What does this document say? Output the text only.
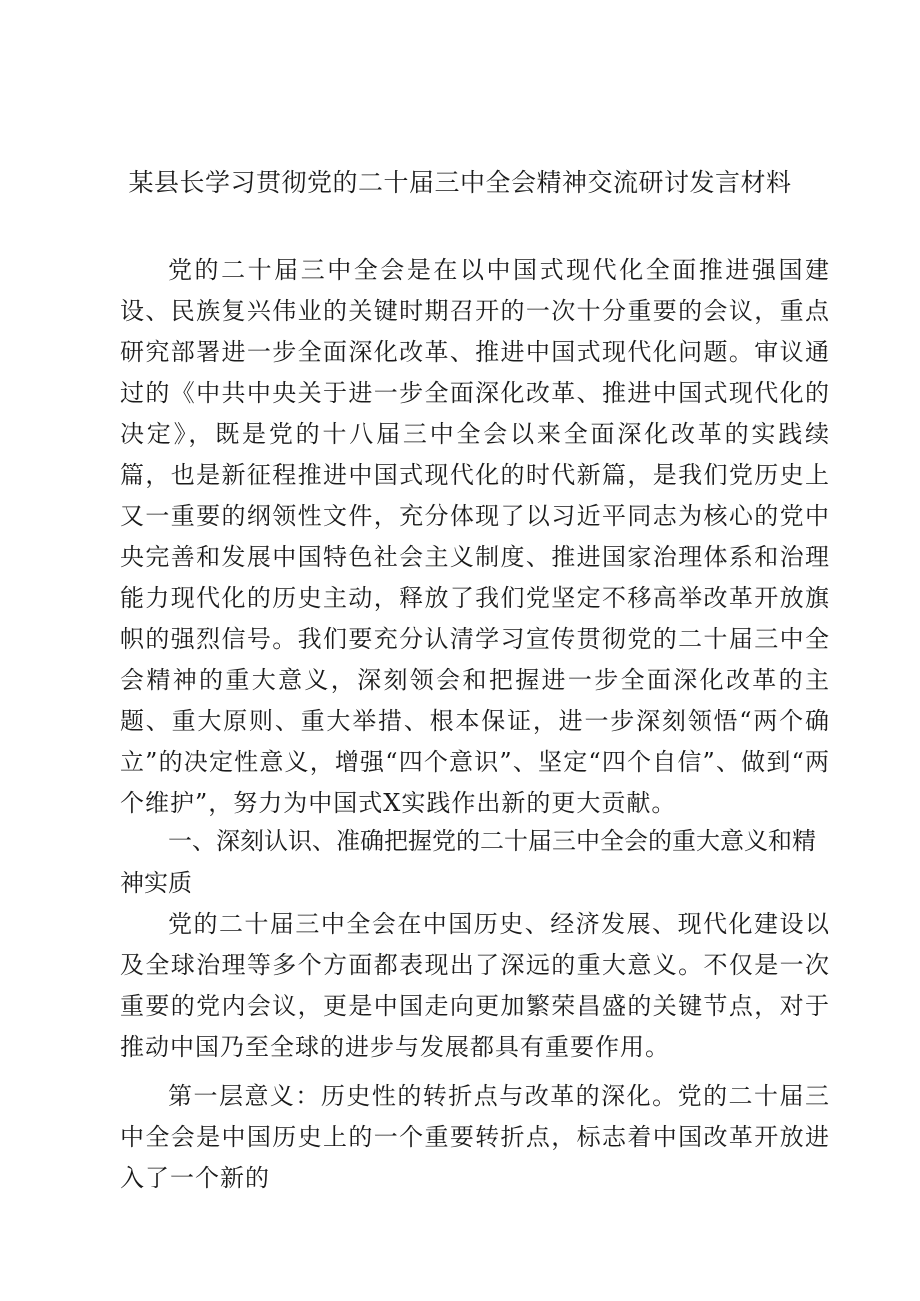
某县长学习贯彻党的二十届三中全会精神交流研讨发言材料

党的二十届三中全会是在以中国式现代化全面推进强国建设、民族复兴伟业的关键时期召开的一次十分重要的会议，重点研究部署进一步全面深化改革、推进中国式现代化问题。审议通过的《中共中央关于进一步全面深化改革、推进中国式现代化的决定》，既是党的十八届三中全会以来全面深化改革的实践续篇，也是新征程推进中国式现代化的时代新篇，是我们党历史上又一重要的纲领性文件，充分体现了以习近平同志为核心的党中央完善和发展中国特色社会主义制度、推进国家治理体系和治理能力现代化的历史主动，释放了我们党坚定不移高举改革开放旗帜的强烈信号。我们要充分认清学习宣传贯彻党的二十届三中全会精神的重大意义，深刻领会和把握进一步全面深化改革的主题、重大原则、重大举措、根本保证，进一步深刻领悟“两个确立”的决定性意义，增强“四个意识”、坚定“四个自信”、做到“两个维护”，努力为中国式X实践作出新的更大贡献。

一、深刻认识、准确把握党的二十届三中全会的重大意义和精神实质

党的二十届三中全会在中国历史、经济发展、现代化建设以及全球治理等多个方面都表现出了深远的重大意义。不仅是一次重要的党内会议，更是中国走向更加繁荣昌盛的关键节点，对于推动中国乃至全球的进步与发展都具有重要作用。

第一层意义：历史性的转折点与改革的深化。党的二十届三中全会是中国历史上的一个重要转折点，标志着中国改革开放进入了一个新的
